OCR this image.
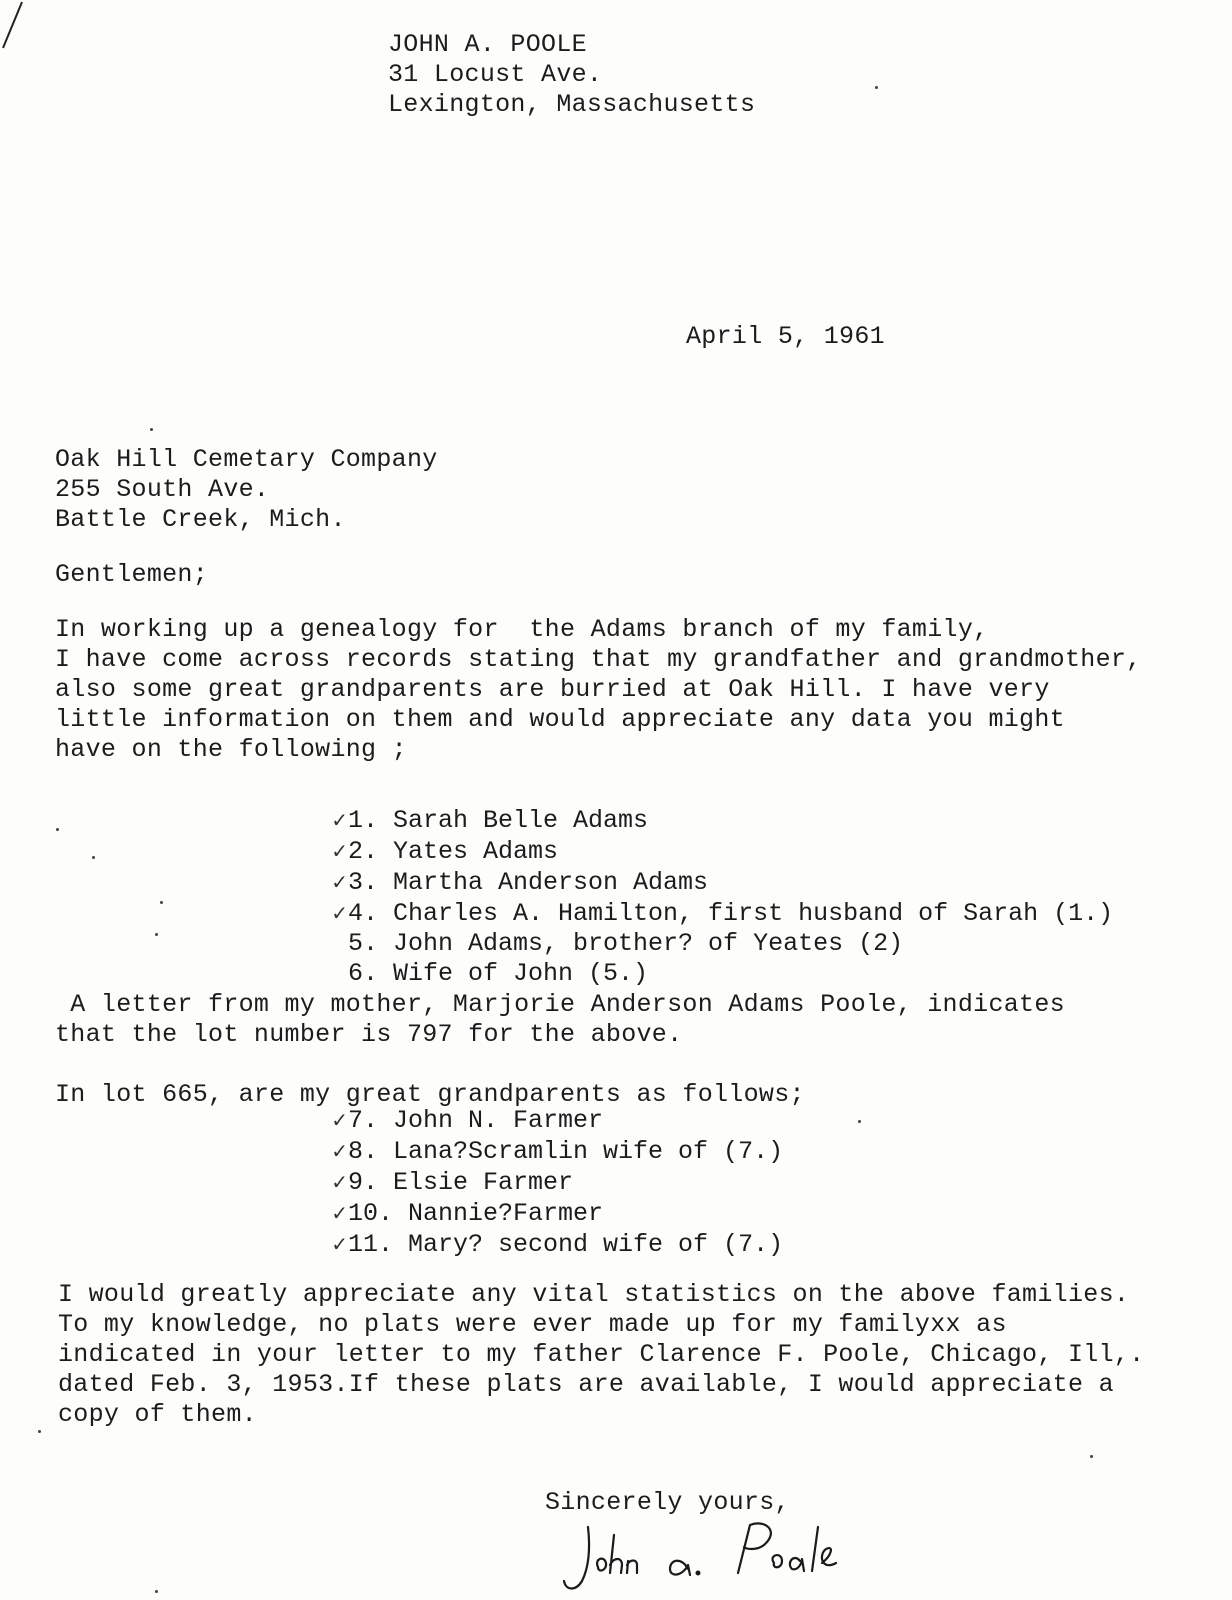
JOHN A. POOLE
31 Locust Ave.
Lexington, Massachusetts
April 5, 1961
Oak Hill Cemetary Company
255 South Ave.
Battle Creek, Mich.
Gentlemen;
In working up a genealogy for  the Adams branch of my family,
I have come across records stating that my grandfather and grandmother,
also some great grandparents are burried at Oak Hill. I have very
little information on them and would appreciate any data you might
have on the following ;
✓1. Sarah Belle Adams
✓2. Yates Adams
✓3. Martha Anderson Adams
✓4. Charles A. Hamilton, first husband of Sarah (1.)
5. John Adams, brother? of Yeates (2)
6. Wife of John (5.)
A letter from my mother, Marjorie Anderson Adams Poole, indicates
that the lot number is 797 for the above.
In lot 665, are my great grandparents as follows;
✓7. John N. Farmer
✓8. Lana?Scramlin wife of (7.)
✓9. Elsie Farmer
✓10. Nannie?Farmer
✓11. Mary? second wife of (7.)
I would greatly appreciate any vital statistics on the above families.
To my knowledge, no plats were ever made up for my familyxx as
indicated in your letter to my father Clarence F. Poole, Chicago, Ill,.
dated Feb. 3, 1953.If these plats are available, I would appreciate a
copy of them.
Sincerely yours,
